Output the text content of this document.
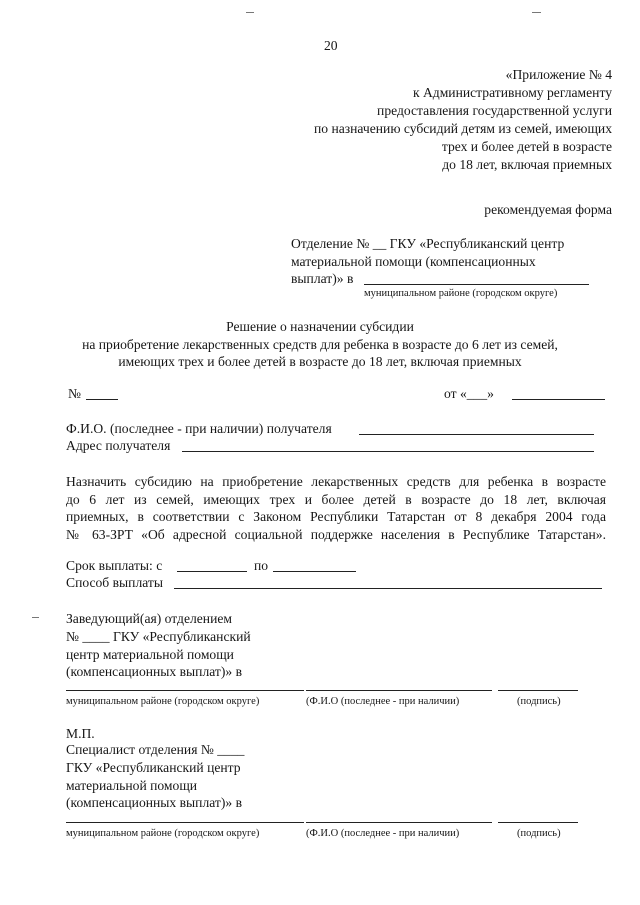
20
«Приложение № 4
к Административному регламенту
предоставления государственной услуги
по назначению субсидий детям из семей, имеющих
трех и более детей в возрасте
до 18 лет, включая приемных
рекомендуемая форма
Отделение № __ ГКУ «Республиканский центр
материальной помощи (компенсационных
выплат)» в
муниципальном районе (городском округе)
Решение о назначении субсидии
на приобретение лекарственных средств для ребенка в возрасте до 6 лет из семей,
имеющих трех и более детей в возрасте до 18 лет, включая приемных
№	от «___»
Ф.И.О. (последнее - при наличии) получателя
Адрес получателя
Назначить субсидию на приобретение лекарственных средств для ребенка в возрасте
до 6 лет из семей, имеющих трех и более детей в возрасте до 18 лет, включая
приемных, в соответствии с Законом Республики Татарстан от 8 декабря 2004 года
№ 63-ЗРТ «Об адресной социальной поддержке населения в Республике Татарстан».
Срок выплаты: с	по
Способ выплаты
Заведующий(ая) отделением
№ ____ ГКУ «Республиканский
центр материальной помощи
(компенсационных выплат)» в
муниципальном районе (городском округе)	(Ф.И.О (последнее - при наличии)	(подпись)
М.П.
Специалист отделения № ____
ГКУ «Республиканский центр
материальной помощи
(компенсационных выплат)» в
муниципальном районе (городском округе)	(Ф.И.О (последнее - при наличии)	(подпись)
